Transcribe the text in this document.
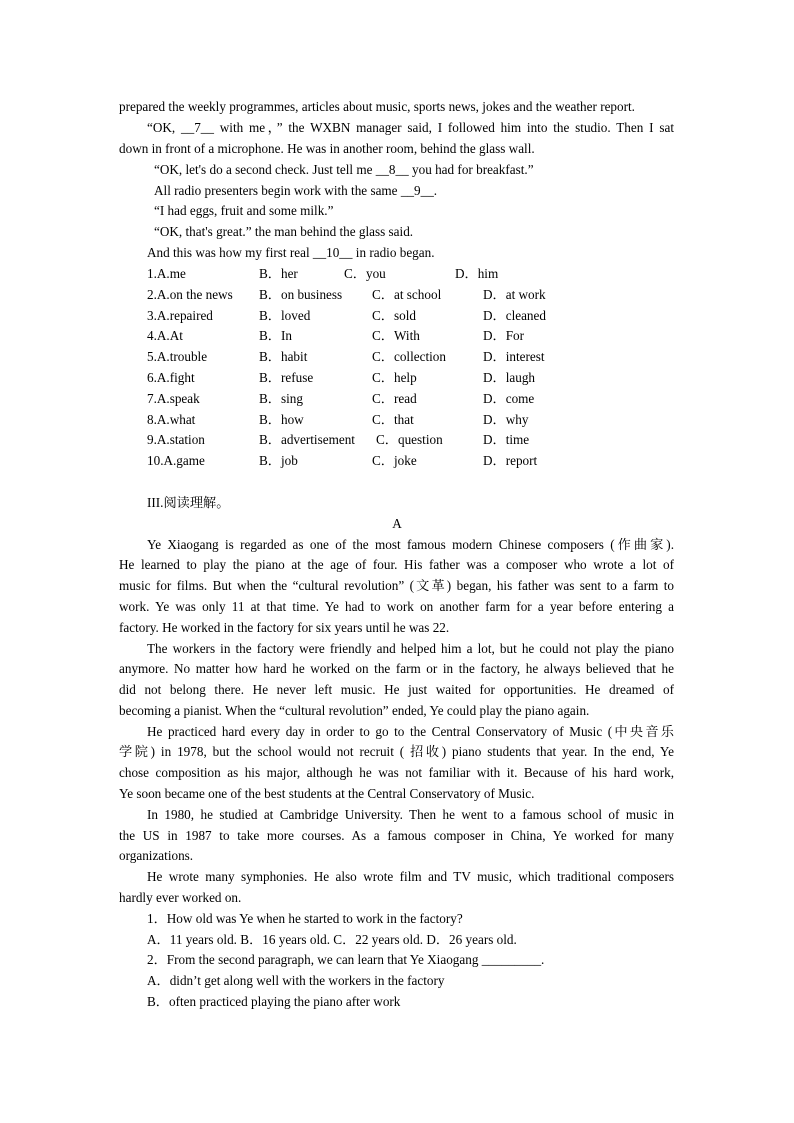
prepared the weekly programmes, articles about music, sports news, jokes and the weather report.
“OK, __7__ with me，” the WXBN manager said, I followed him into the studio. Then I sat
down in front of a microphone. He was in another room, behind the glass wall.
“OK, let's do a second check. Just tell me __8__ you had for breakfast.”
All radio presenters begin work with the same __9__.
“I had eggs, fruit and some milk.”
“OK, that's great.” the man behind the glass said.
And this was how my first real __10__ in radio began.
1.A.me	B．her	C．you	D．him
2.A.on the news B．on business C．at school	D．at work
3.A.repaired	B．loved	C．sold	D．cleaned
4.A.At	B．In	C．With	D．For
5.A.trouble	B．habit	C．collection	D．interest
6.A.fight	B．refuse	C．help	D．laugh
7.A.speak	B．sing	C．read	D．come
8.A.what	B．how	C．that	D．why
9.A.station	B．advertisement C．question	D．time
10.A.game	B．job	C．joke	D．report
III.阅读理解。
A
Ye Xiaogang is regarded as one of the most famous modern Chinese composers (作曲家).
He learned to play the piano at the age of four. His father was a composer who wrote a lot of
music for films. But when the “cultural revolution” (文革) began, his father was sent to a farm to
work. Ye was only 11 at that time. Ye had to work on another farm for a year before entering a
factory. He worked in the factory for six years until he was 22.
The workers in the factory were friendly and helped him a lot, but he could not play the piano
anymore. No matter how hard he worked on the farm or in the factory, he always believed that he
did not belong there. He never left music. He just waited for opportunities. He dreamed of
becoming a pianist. When the “cultural revolution” ended, Ye could play the piano again.
He practiced hard every day in order to go to the Central Conservatory of Music (中央音乐
学院) in 1978, but the school would not recruit ( 招收) piano students that year. In the end, Ye
chose composition as his major, although he was not familiar with it. Because of his hard work,
Ye soon became one of the best students at the Central Conservatory of Music.
In 1980, he studied at Cambridge University. Then he went to a famous school of music in
the US in 1987 to take more courses. As a famous composer in China, Ye worked for many
organizations.
He wrote many symphonies. He also wrote film and TV music, which traditional composers
hardly ever worked on.
1．How old was Ye when he started to work in the factory?
A．11 years old. B．16 years old. C．22 years old. D．26 years old.
2．From the second paragraph, we can learn that Ye Xiaogang _________.
A．didn’t get along well with the workers in the factory
B．often practiced playing the piano after work
